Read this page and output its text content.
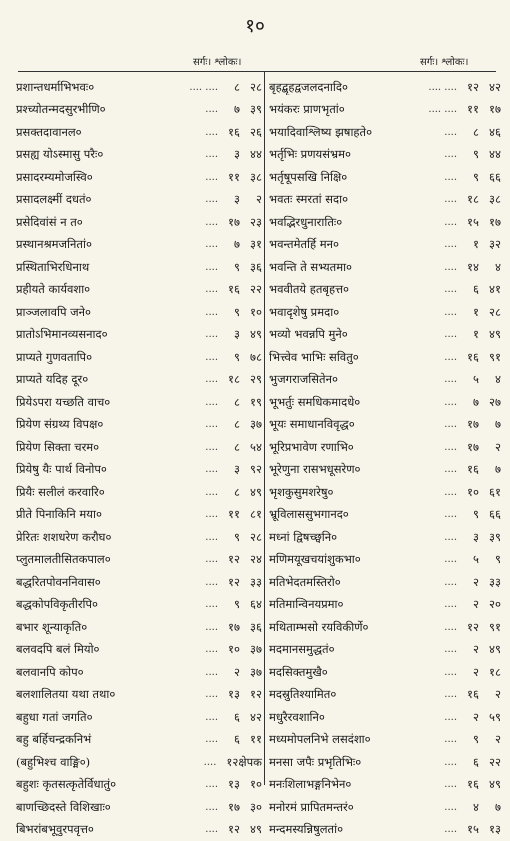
१०
सर्गः। श्लोकः।	सर्गः। श्लोकः।
प्रशान्तधर्माभिभवः०	.... ....	८ २८
प्रश्च्योतन्मदसुरभीणि०	....	७ ३९
प्रसक्तदावानल०	.... १६ २६
प्रसह्य योऽस्मासु परैः०	....	३ ४४
प्रसादरम्यमोजस्वि०	.... ११ ३८
प्रसादलक्ष्मीं दधतं०	....	३	२
प्रसेदिवांसं न त०	.... १७ २३
प्रस्थानश्रमजनितां०	....	७ ३१
प्रस्थिताभिरधिनाथ	....	९ ३६
प्रहीयते कार्यवशा०	.... १६ २२
प्राञ्जलावपि जने०	....	९ १०
प्रातोऽभिमानव्यसनाद०	....	३ ४९
प्राप्यते गुणवतापि०	....	९ ७८
प्राप्यते यदिह दूर०	.... १८ २९
प्रियेऽपरा यच्छति वाच०	....	८ १९
प्रियेण संग्रथ्य विपक्ष०	....	८ ३७
प्रियेण सिक्ता चरम०	....	८ ५४
प्रियेषु यैः पार्थ विनोप०	....	३ ९२
प्रियैः सलीलं करवारि०	....	८ ४९
प्रीते पिनाकिनि मया०	.... ११ ८१
प्रेरितः शशधरेण करौघ०	....	९ २८
प्लुतमालतीसितकपाल०	.... १२ २४
बद्धरितपोवननिवास०	.... १२ ३३
बद्धकोपविकृतीरपि०	....	९ ६४
बभार शून्याकृति०	.... १७ ३६
बलवदपि बलं मियो०	.... १० ३७
बलवानपि कोप०	....	२ ३७
बलशालितया यथा तथा०	.... १३ १२
बहुधा गतां जगति०	....	६ ४२
बहु बर्हिचन्द्रकनिभं	....	६ ११
(बहुभिश्च वाङ्मि०)	.... १२ क्षेपक
बहुशः कृतसत्कृतेर्विधातुं०	.... १३ १०
बाणच्छिदस्ते विशिखाः०	.... १७ ३०
बिभरांबभूवुरपवृत्त०	.... १२ ४९
बृहद्बृहद्वजलदनादि०	.... .... १२ ४२
भयंकरः प्राणभृतां०	.... .... ११ १७
भयादिवाश्लिष्य झषाहते०	....	८ ४६
भर्तृभिः प्रणयसंभ्रम०	....	९ ४४
भर्तृषूपसखि निक्षि०	....	९ ६६
भवतः स्मरतां सदा०	.... १८ ३८
भवद्भिरधुनारातिः०	.... १५ १७
भवन्तमेतर्हि मन०	....	१ ३२
भवन्ति ते सभ्यतमा०	.... १४	४
भववीतये हतबृहत्त०	....	६ ४१
भवादृशेषु प्रमदा०	....	१ २८
भव्यो भवन्नपि मुने०	....	१ ४९
भित्त्वेव भाभिः सवितु०	.... १६ ९१
भुजगराजसितेन०	....	५	४
भूभर्तुः समधिकमादधे०	....	७ २७
भूयः समाधानविवृद्ध०	.... १७	७
भूरिप्रभावेण रणाभि०	.... १७	२
भूरेणुना रासभधूसरेण०	.... १६	७
भृशकुसुमशरेषु०	.... १० ६१
भ्रूविलाससुभगानद०	....	९ ६६
मध्नां द्विषच्छ्वनि०	....	३ ३९
मणिमयूखचयांशुकभा०	....	५	९
मतिभेदतमस्तिरो०	....	२ ३३
मतिमान्विनयप्रमा०	....	२ २०
मथिताम्भसो रयविकीर्णे०	.... १२ ९१
मदमानसमुद्धतं०	....	२ ४९
मदसिक्तमुखै०	....	२ १८
मदस्रुतिश्यामित०	.... १६	२
मधुरैरवशानि०	....	२ ५९
मध्यमोपलनिभे लसदंशा०	....	९	२
मनसा जपैः प्रभृतिभिः०	....	६ २२
मनःशिलाभङ्गनिभेन०	.... १६ ४९
मनोरमं प्रापितमन्तरं०	....	४	७
मन्दमस्यन्निषुलतां०	.... १५ १३
